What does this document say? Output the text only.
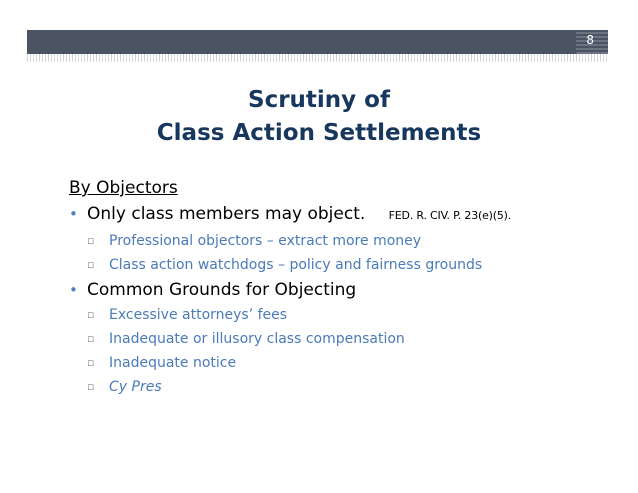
8
Scrutiny of
Class Action Settlements
By Objectors
• Only class members may object. FED. R. CIV. P. 23(e)(5).
▫ Professional objectors – extract more money
▫ Class action watchdogs – policy and fairness grounds
• Common Grounds for Objecting
▫ Excessive attorneys’ fees
▫ Inadequate or illusory class compensation
▫ Inadequate notice
▫ Cy Pres
